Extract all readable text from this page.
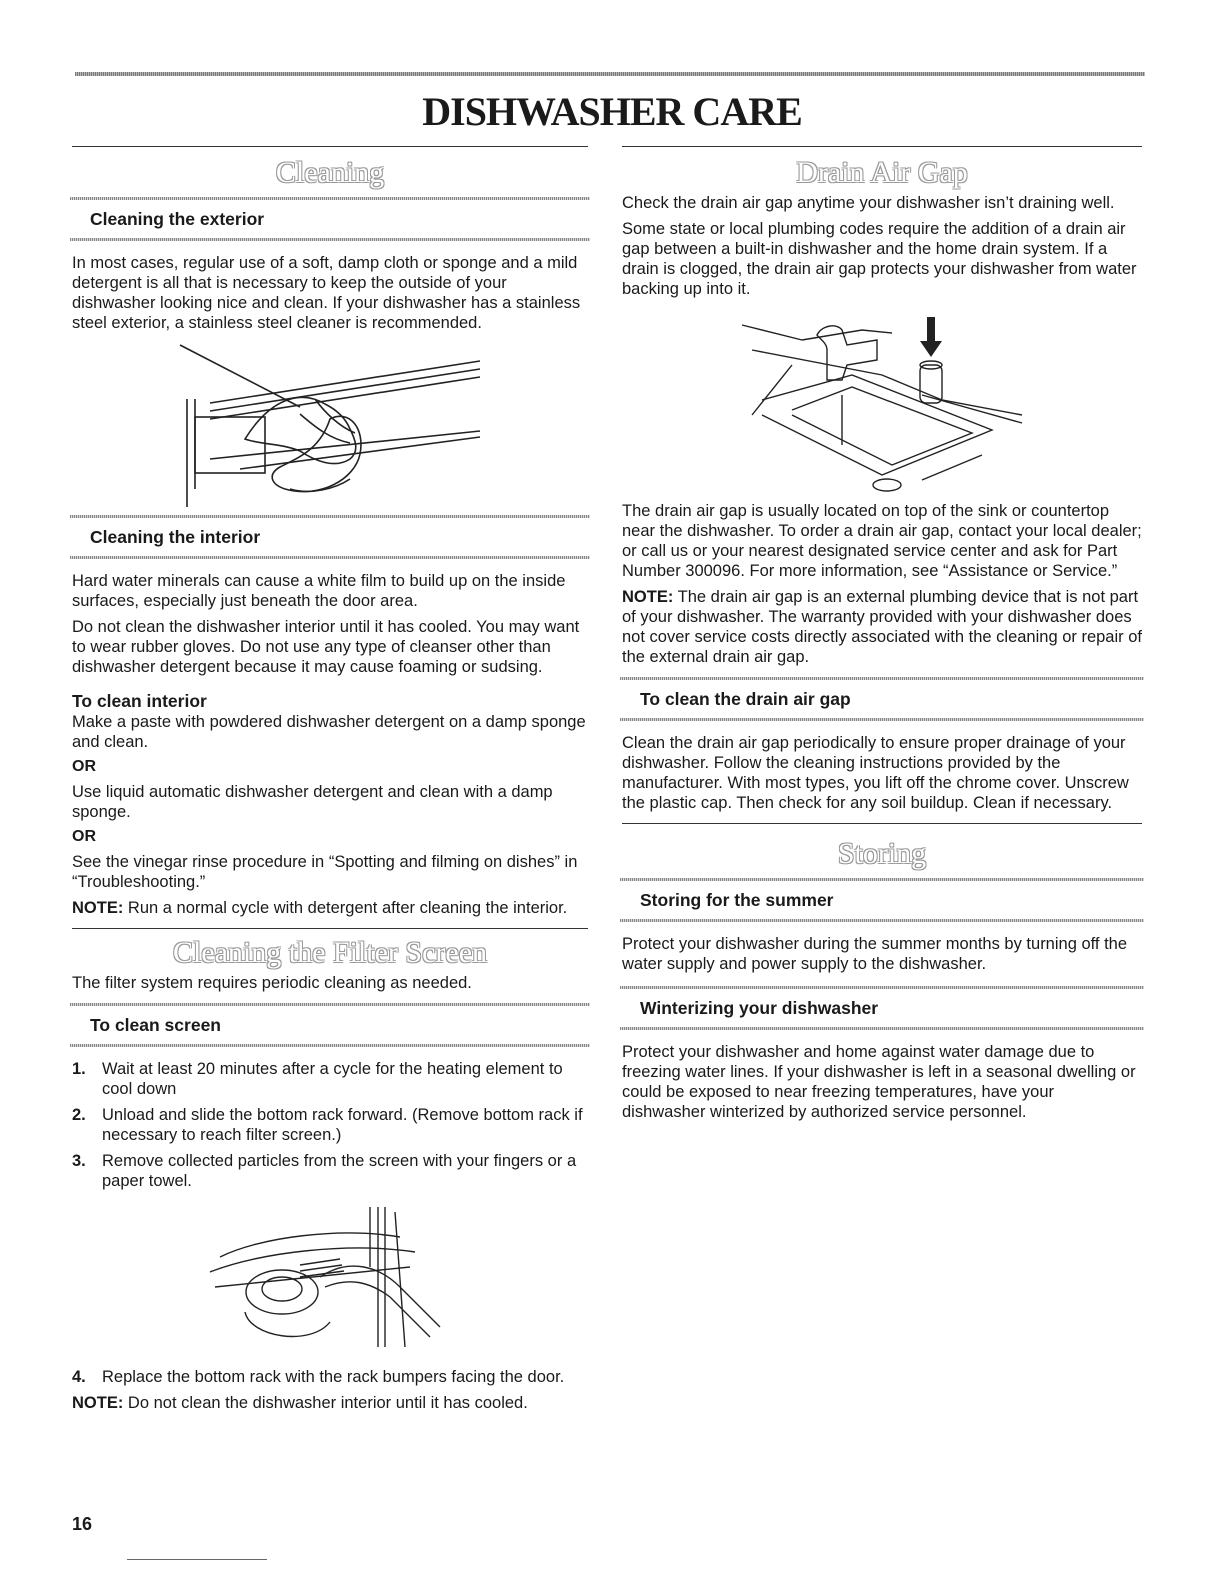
DISHWASHER CARE
Cleaning
Cleaning the exterior

In most cases, regular use of a soft, damp cloth or sponge and a mild detergent is all that is necessary to keep the outside of your dishwasher looking nice and clean. If your dishwasher has a stainless steel exterior, a stainless steel cleaner is recommended.

Cleaning the interior

Hard water minerals can cause a white film to build up on the inside surfaces, especially just beneath the door area.

Do not clean the dishwasher interior until it has cooled. You may want to wear rubber gloves. Do not use any type of cleanser other than dishwasher detergent because it may cause foaming or sudsing.

To clean interior

Make a paste with powdered dishwasher detergent on a damp sponge and clean.

OR

Use liquid automatic dishwasher detergent and clean with a damp sponge.

OR

See the vinegar rinse procedure in “Spotting and filming on dishes” in “Troubleshooting.”

NOTE: Run a normal cycle with detergent after cleaning the interior.

Cleaning the Filter Screen

The filter system requires periodic cleaning as needed.

To clean screen
1. Wait at least 20 minutes after a cycle for the heating element to cool down
2. Unload and slide the bottom rack forward. (Remove bottom rack if necessary to reach filter screen.)
3. Remove collected particles from the screen with your fingers or a paper towel.
4. Replace the bottom rack with the rack bumpers facing the door.

NOTE: Do not clean the dishwasher interior until it has cooled.

Drain Air Gap

Check the drain air gap anytime your dishwasher isn’t draining well.

Some state or local plumbing codes require the addition of a drain air gap between a built-in dishwasher and the home drain system. If a drain is clogged, the drain air gap protects your dishwasher from water backing up into it.

The drain air gap is usually located on top of the sink or countertop near the dishwasher. To order a drain air gap, contact your local dealer; or call us or your nearest designated service center and ask for Part Number 300096. For more information, see “Assistance or Service.”

NOTE: The drain air gap is an external plumbing device that is not part of your dishwasher. The warranty provided with your dishwasher does not cover service costs directly associated with the cleaning or repair of the external drain air gap.

To clean the drain air gap

Clean the drain air gap periodically to ensure proper drainage of your dishwasher. Follow the cleaning instructions provided by the manufacturer. With most types, you lift off the chrome cover. Unscrew the plastic cap. Then check for any soil buildup. Clean if necessary.

Storing
Storing for the summer

Protect your dishwasher during the summer months by turning off the water supply and power supply to the dishwasher.

Winterizing your dishwasher

Protect your dishwasher and home against water damage due to freezing water lines. If your dishwasher is left in a seasonal dwelling or could be exposed to near freezing temperatures, have your dishwasher winterized by authorized service personnel.

16
